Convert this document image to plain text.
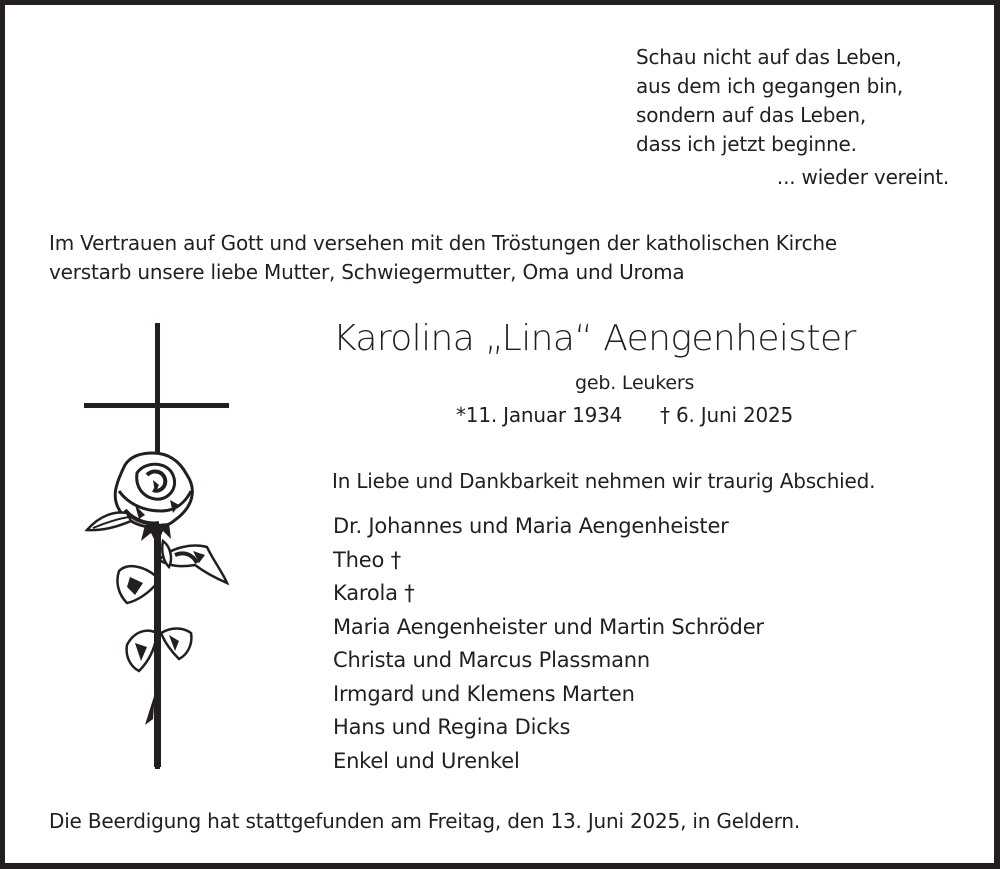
Schau nicht auf das Leben,
aus dem ich gegangen bin,
sondern auf das Leben,
dass ich jetzt beginne.
... wieder vereint.
Im Vertrauen auf Gott und versehen mit den Tröstungen der katholischen Kirche
verstarb unsere liebe Mutter, Schwiegermutter, Oma und Uroma
Karolina „Lina“ Aengenheister
geb. Leukers
*11. Januar 1934 † 6. Juni 2025
In Liebe und Dankbarkeit nehmen wir traurig Abschied.
Dr. Johannes und Maria Aengenheister
Theo †
Karola †
Maria Aengenheister und Martin Schröder
Christa und Marcus Plassmann
Irmgard und Klemens Marten
Hans und Regina Dicks
Enkel und Urenkel
Die Beerdigung hat stattgefunden am Freitag, den 13. Juni 2025, in Geldern.
